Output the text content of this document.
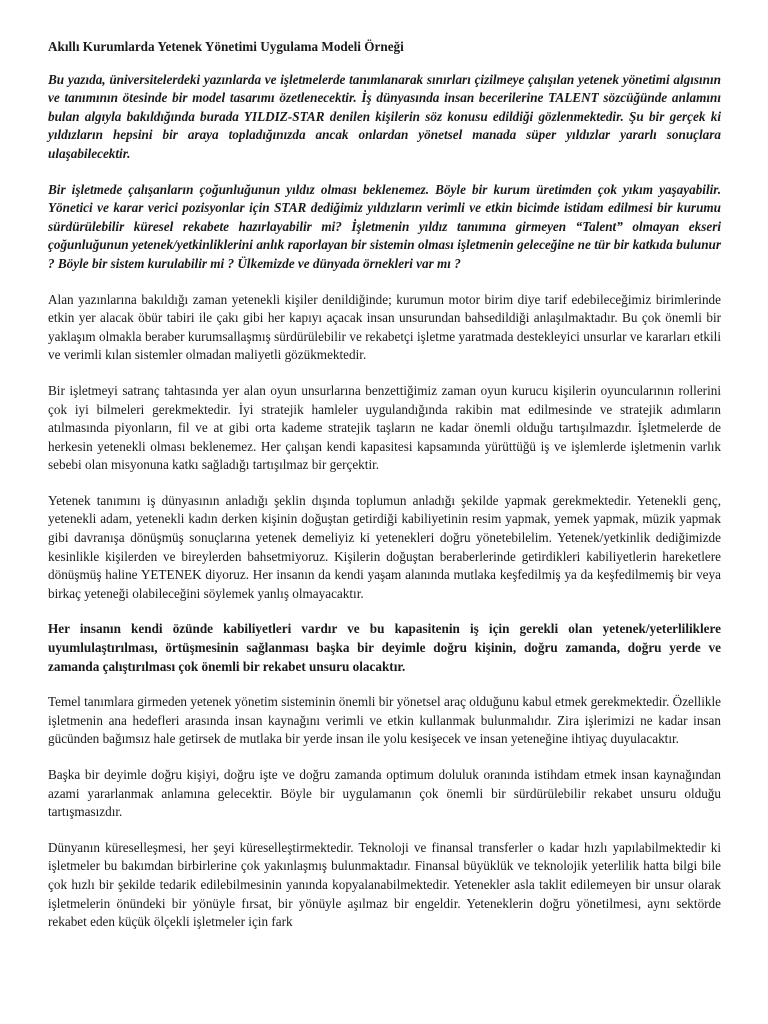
Akıllı Kurumlarda Yetenek Yönetimi Uygulama Modeli Örneği
Bu yazıda, üniversitelerdeki yazınlarda ve işletmelerde tanımlanarak sınırları çizilmeye çalışılan yetenek yönetimi algısının ve tanımının ötesinde bir model tasarımı özetlenecektir. İş dünyasında insan becerilerine TALENT sözcüğünde anlamını bulan algıyla bakıldığında burada YILDIZ-STAR denilen kişilerin söz konusu edildiği gözlenmektedir. Şu bir gerçek ki yıldızların hepsini bir araya topladığınızda ancak onlardan yönetsel manada süper yıldızlar yararlı sonuçlara ulaşabilecektir.
Bir işletmede çalışanların çoğunluğunun yıldız olması beklenemez. Böyle bir kurum üretimden çok yıkım yaşayabilir. Yönetici ve karar verici pozisyonlar için STAR dediğimiz yıldızların verimli ve etkin bicimde istidam edilmesi bir kurumu sürdürülebilir küresel rekabete hazırlayabilir mi? İşletmenin yıldız tanımına girmeyen “Talent” olmayan ekseri çoğunluğunun yetenek/yetkinliklerini anlık raporlayan bir sistemin olması işletmenin geleceğine ne tür bir katkıda bulunur ? Böyle bir sistem kurulabilir mi ? Ülkemizde ve dünyada örnekleri var mı ?
Alan yazınlarına bakıldığı zaman yetenekli kişiler denildiğinde; kurumun motor birim diye tarif edebileceğimiz birimlerinde etkin yer alacak öbür tabiri ile çakı gibi her kapıyı açacak insan unsurundan bahsedildiği anlaşılmaktadır. Bu çok önemli bir yaklaşım olmakla beraber kurumsallaşmış sürdürülebilir ve rekabetçi işletme yaratmada destekleyici unsurlar ve kararları etkili ve verimli kılan sistemler olmadan maliyetli gözükmektedir.
Bir işletmeyi satranç tahtasında yer alan oyun unsurlarına benzettiğimiz zaman oyun kurucu kişilerin oyuncularının rollerini çok iyi bilmeleri gerekmektedir. İyi stratejik hamleler uygulandığında rakibin mat edilmesinde ve stratejik adımların atılmasında piyonların, fil ve at gibi orta kademe stratejik taşların ne kadar önemli olduğu tartışılmazdır. İşletmelerde de herkesin yetenekli olması beklenemez. Her çalışan kendi kapasitesi kapsamında yürüttüğü iş ve işlemlerde işletmenin varlık sebebi olan misyonuna katkı sağladığı tartışılmaz bir gerçektir.
Yetenek tanımını iş dünyasının anladığı şeklin dışında toplumun anladığı şekilde yapmak gerekmektedir. Yetenekli genç, yetenekli adam, yetenekli kadın derken kişinin doğuştan getirdiği kabiliyetinin resim yapmak, yemek yapmak, müzik yapmak gibi davranışa dönüşmüş sonuçlarına yetenek demeliyiz ki yetenekleri doğru yönetebilelim. Yetenek/yetkinlik dediğimizde kesinlikle kişilerden ve bireylerden bahsetmiyoruz. Kişilerin doğuştan beraberlerinde getirdikleri kabiliyetlerin hareketlere dönüşmüş haline YETENEK diyoruz. Her insanın da kendi yaşam alanında mutlaka keşfedilmiş ya da keşfedilmemiş bir veya birkaç yeteneği olabileceğini söylemek yanlış olmayacaktır.
Her insanın kendi özünde kabiliyetleri vardır ve bu kapasitenin iş için gerekli olan yetenek/yeterliliklere uyumlulaştırılması, örtüşmesinin sağlanması başka bir deyimle doğru kişinin, doğru zamanda, doğru yerde ve zamanda çalıştırılması çok önemli bir rekabet unsuru olacaktır.
Temel tanımlara girmeden yetenek yönetim sisteminin önemli bir yönetsel araç olduğunu kabul etmek gerekmektedir. Özellikle işletmenin ana hedefleri arasında insan kaynağını verimli ve etkin kullanmak bulunmalıdır. Zira işlerimizi ne kadar insan gücünden bağımsız hale getirsek de mutlaka bir yerde insan ile yolu kesişecek ve insan yeteneğine ihtiyaç duyulacaktır.
Başka bir deyimle doğru kişiyi, doğru işte ve doğru zamanda optimum doluluk oranında istihdam etmek insan kaynağından azami yararlanmak anlamına gelecektir. Böyle bir uygulamanın çok önemli bir sürdürülebilir rekabet unsuru olduğu tartışmasızdır.
Dünyanın küreselleşmesi, her şeyi küreselleştirmektedir. Teknoloji ve finansal transferler o kadar hızlı yapılabilmektedir ki işletmeler bu bakımdan birbirlerine çok yakınlaşmış bulunmaktadır. Finansal büyüklük ve teknolojik yeterlilik hatta bilgi bile çok hızlı bir şekilde tedarik edilebilmesinin yanında kopyalanabilmektedir. Yetenekler asla taklit edilemeyen bir unsur olarak işletmelerin önündeki bir yönüyle fırsat, bir yönüyle aşılmaz bir engeldir. Yeteneklerin doğru yönetilmesi, aynı sektörde rekabet eden küçük ölçekli işletmeler için fark
